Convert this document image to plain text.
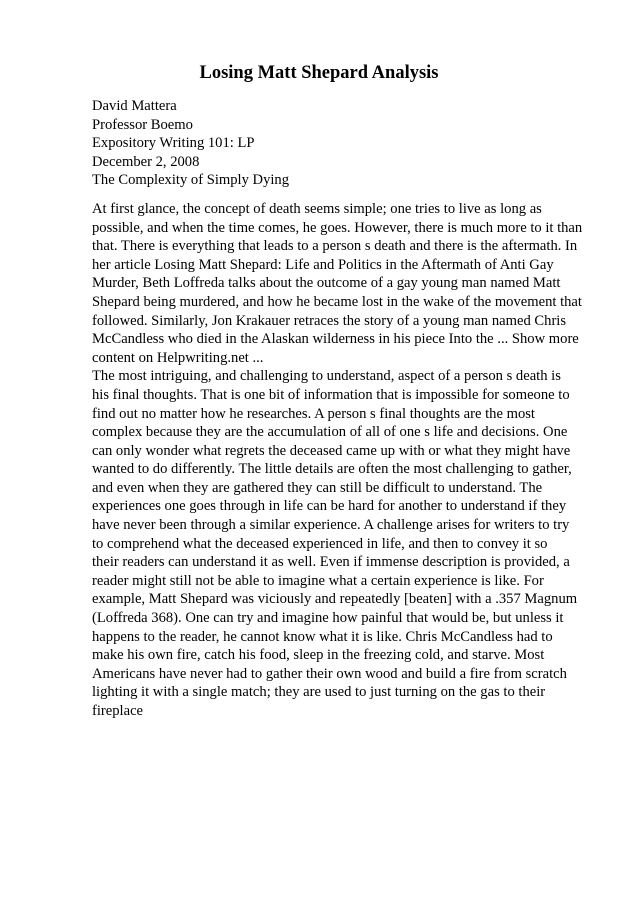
Losing Matt Shepard Analysis
David Mattera
Professor Boemo
Expository Writing 101: LP
December 2, 2008
The Complexity of Simply Dying
At first glance, the concept of death seems simple; one tries to live as long as
possible, and when the time comes, he goes. However, there is much more to it than
that. There is everything that leads to a person s death and there is the aftermath. In
her article Losing Matt Shepard: Life and Politics in the Aftermath of Anti Gay
Murder, Beth Loffreda talks about the outcome of a gay young man named Matt
Shepard being murdered, and how he became lost in the wake of the movement that
followed. Similarly, Jon Krakauer retraces the story of a young man named Chris
McCandless who died in the Alaskan wilderness in his piece Into the ... Show more
content on Helpwriting.net ...
The most intriguing, and challenging to understand, aspect of a person s death is
his final thoughts. That is one bit of information that is impossible for someone to
find out no matter how he researches. A person s final thoughts are the most
complex because they are the accumulation of all of one s life and decisions. One
can only wonder what regrets the deceased came up with or what they might have
wanted to do differently. The little details are often the most challenging to gather,
and even when they are gathered they can still be difficult to understand. The
experiences one goes through in life can be hard for another to understand if they
have never been through a similar experience. A challenge arises for writers to try
to comprehend what the deceased experienced in life, and then to convey it so
their readers can understand it as well. Even if immense description is provided, a
reader might still not be able to imagine what a certain experience is like. For
example, Matt Shepard was viciously and repeatedly [beaten] with a .357 Magnum
(Loffreda 368). One can try and imagine how painful that would be, but unless it
happens to the reader, he cannot know what it is like. Chris McCandless had to
make his own fire, catch his food, sleep in the freezing cold, and starve. Most
Americans have never had to gather their own wood and build a fire from scratch
lighting it with a single match; they are used to just turning on the gas to their
fireplace
